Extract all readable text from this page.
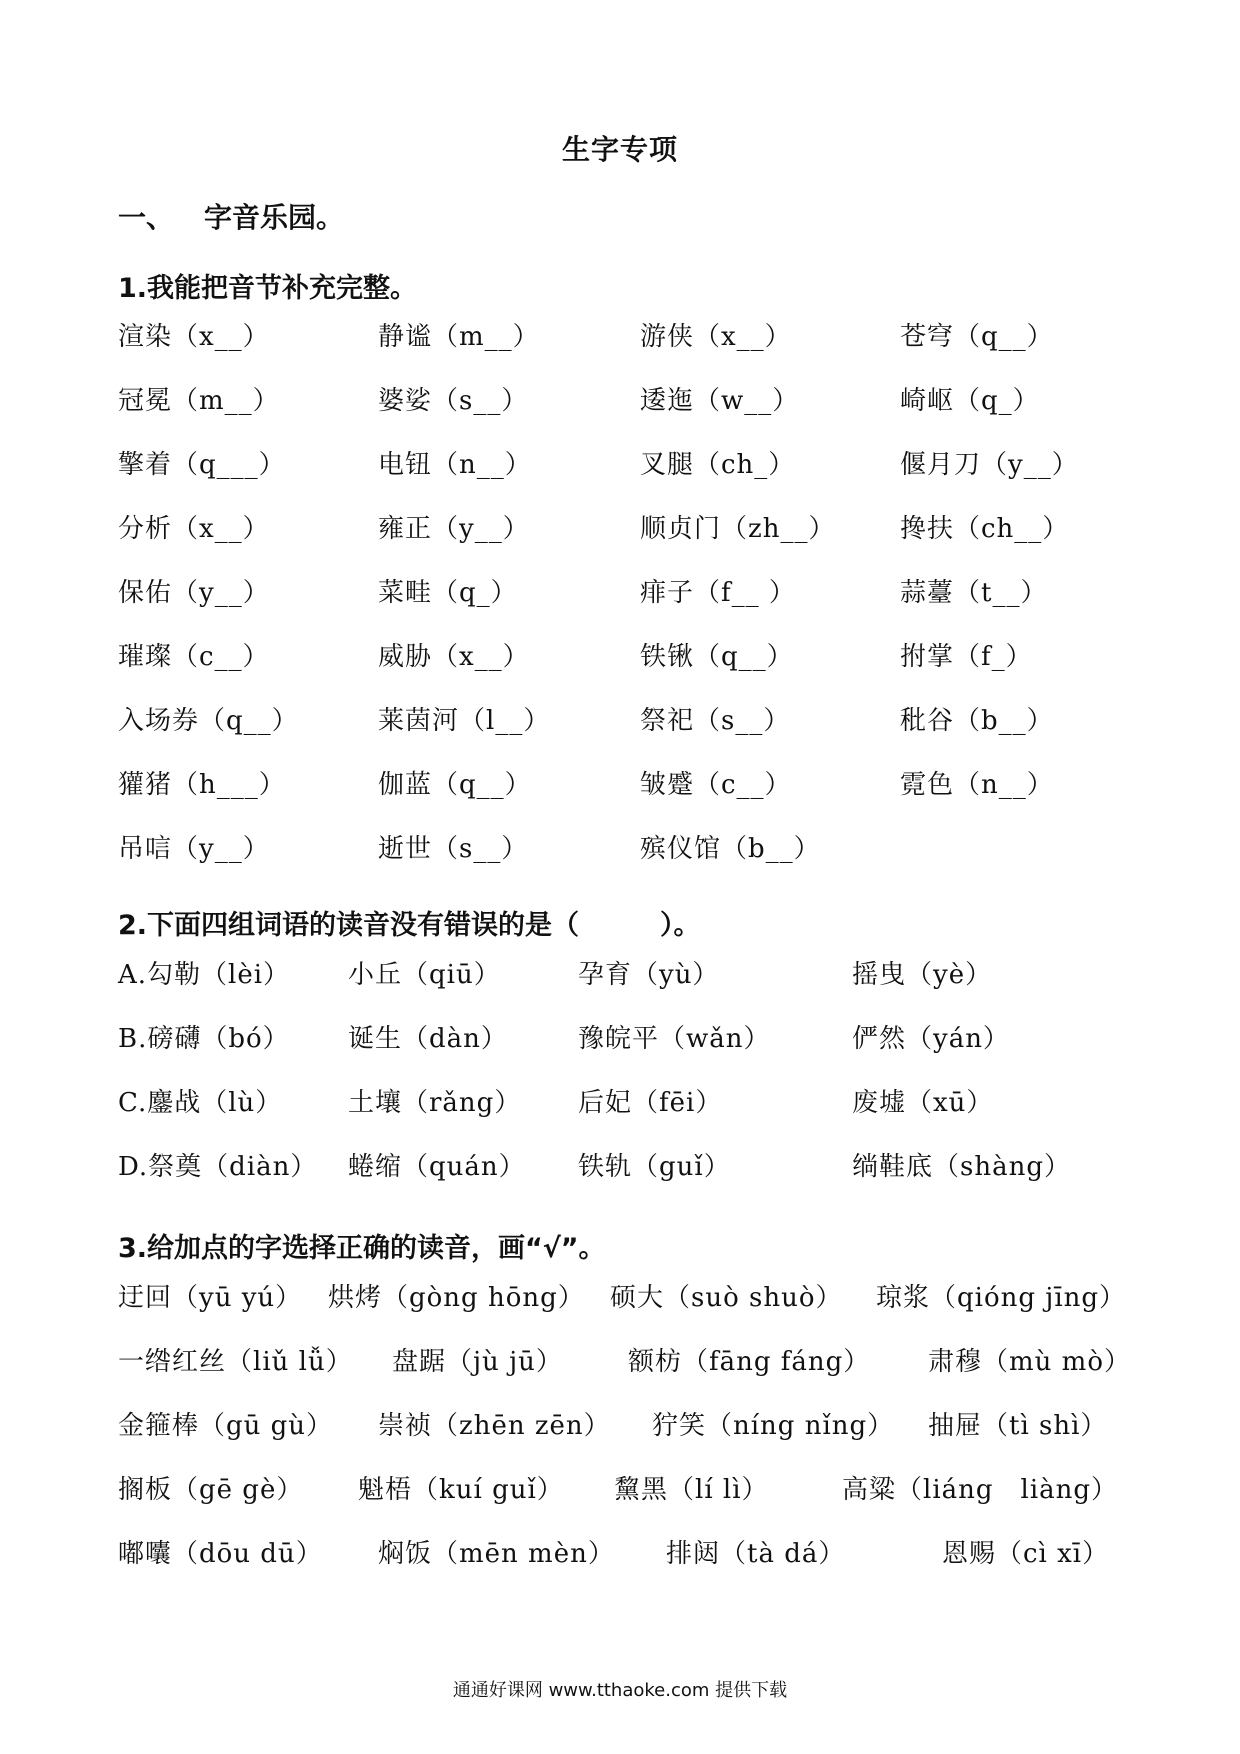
生字专项
一、 字音乐园。
1.我能把音节补充完整。
渲染（x__）	静谧（m__）	游侠（x__）	苍穹（q__）
冠冕（m__）	婆娑（s__）	逶迤（w__）	崎岖（q_）
擎着（q___）	电钮（n__）	叉腿（ch_）	偃月刀（y__）
分析（x__）	雍正（y__）	顺贞门（zh__） 搀扶（ch__）
保佑（y__）	菜畦（q_）	痱子（f__ ）	蒜薹（t__）
璀璨（c__）	威胁（x__）	铁锹（q__）	拊掌（f_）
入场券（q__）	莱茵河（l__）	祭祀（s__）	秕谷（b__）
獾猪（h___）	伽蓝（q__）	皱蹙（c__）	霓色（n__）
吊唁（y__）	逝世（s__）	殡仪馆（b__）
2.下面四组词语的读音没有错误的是（　　　）。
A.勾勒（lèi） 小丘（qiū）	孕育（yù）	摇曳（yè）
B.磅礴（bó） 诞生（dàn）	豫皖平（wǎn）	俨然（yán）
C.鏖战（lù）	土壤（rǎng） 后妃（fēi）	废墟（xū）
D.祭奠（diàn） 蜷缩（quán） 铁轨（guǐ）	绱鞋底（shàng）
3.给加点的字选择正确的读音，画“√”。
迂回（yū yú） 烘烤（gòng hōng） 硕大（suò shuò） 琼浆（qióng jīng）
一绺红丝（liǔ lǚ） 盘踞（jù jū）	额枋（fāng fáng） 肃穆（mù mò）
金箍棒（gū gù） 崇祯（zhēn zēn） 狞笑（níng nǐng） 抽屉（tì shì）
搁板（gē gè） 魁梧（kuí guǐ） 黧黑（lí lì）	高粱（liáng　liàng）
嘟囔（dōu dū） 焖饭（mēn mèn） 排闼（tà dá）	恩赐（cì xī）
通通好课网 www.tthaoke.com 提供下载
